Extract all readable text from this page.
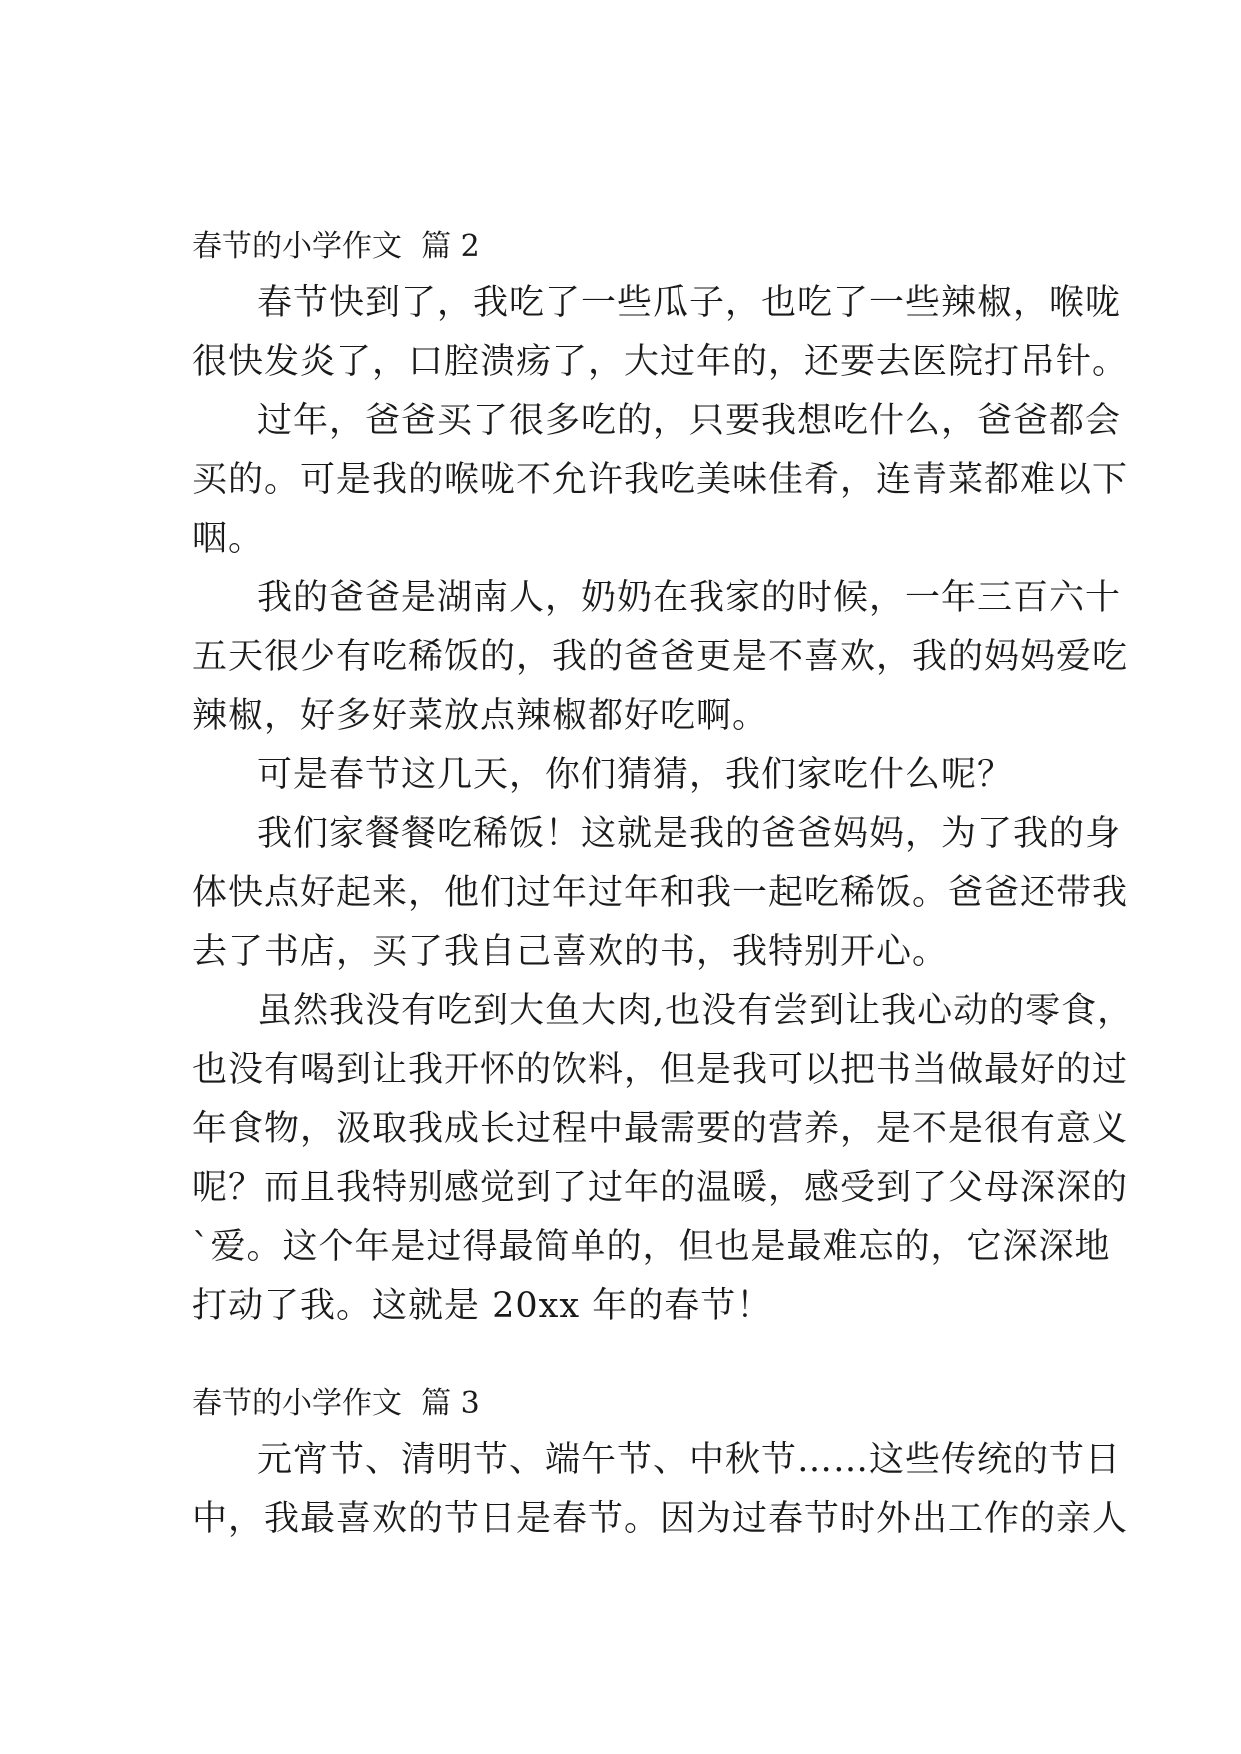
春节的小学作文  篇 2

春节快到了，我吃了一些瓜子，也吃了一些辣椒，喉咙

很快发炎了，口腔溃疡了，大过年的，还要去医院打吊针。

过年，爸爸买了很多吃的，只要我想吃什么，爸爸都会

买的。可是我的喉咙不允许我吃美味佳肴，连青菜都难以下

咽。

我的爸爸是湖南人，奶奶在我家的时候，一年三百六十

五天很少有吃稀饭的，我的爸爸更是不喜欢，我的妈妈爱吃

辣椒，好多好菜放点辣椒都好吃啊。

可是春节这几天，你们猜猜，我们家吃什么呢？

我们家餐餐吃稀饭！这就是我的爸爸妈妈，为了我的身

体快点好起来，他们过年过年和我一起吃稀饭。爸爸还带我

去了书店，买了我自己喜欢的书，我特别开心。

虽然我没有吃到大鱼大肉,也没有尝到让我心动的零食，

也没有喝到让我开怀的饮料，但是我可以把书当做最好的过

年食物，汲取我成长过程中最需要的营养，是不是很有意义

呢？而且我特别感觉到了过年的温暖，感受到了父母深深的

`爱。这个年是过得最简单的，但也是最难忘的，它深深地

打动了我。这就是 20xx 年的春节！

春节的小学作文  篇 3

元宵节、清明节、端午节、中秋节……这些传统的节日

中，我最喜欢的节日是春节。因为过春节时外出工作的亲人
